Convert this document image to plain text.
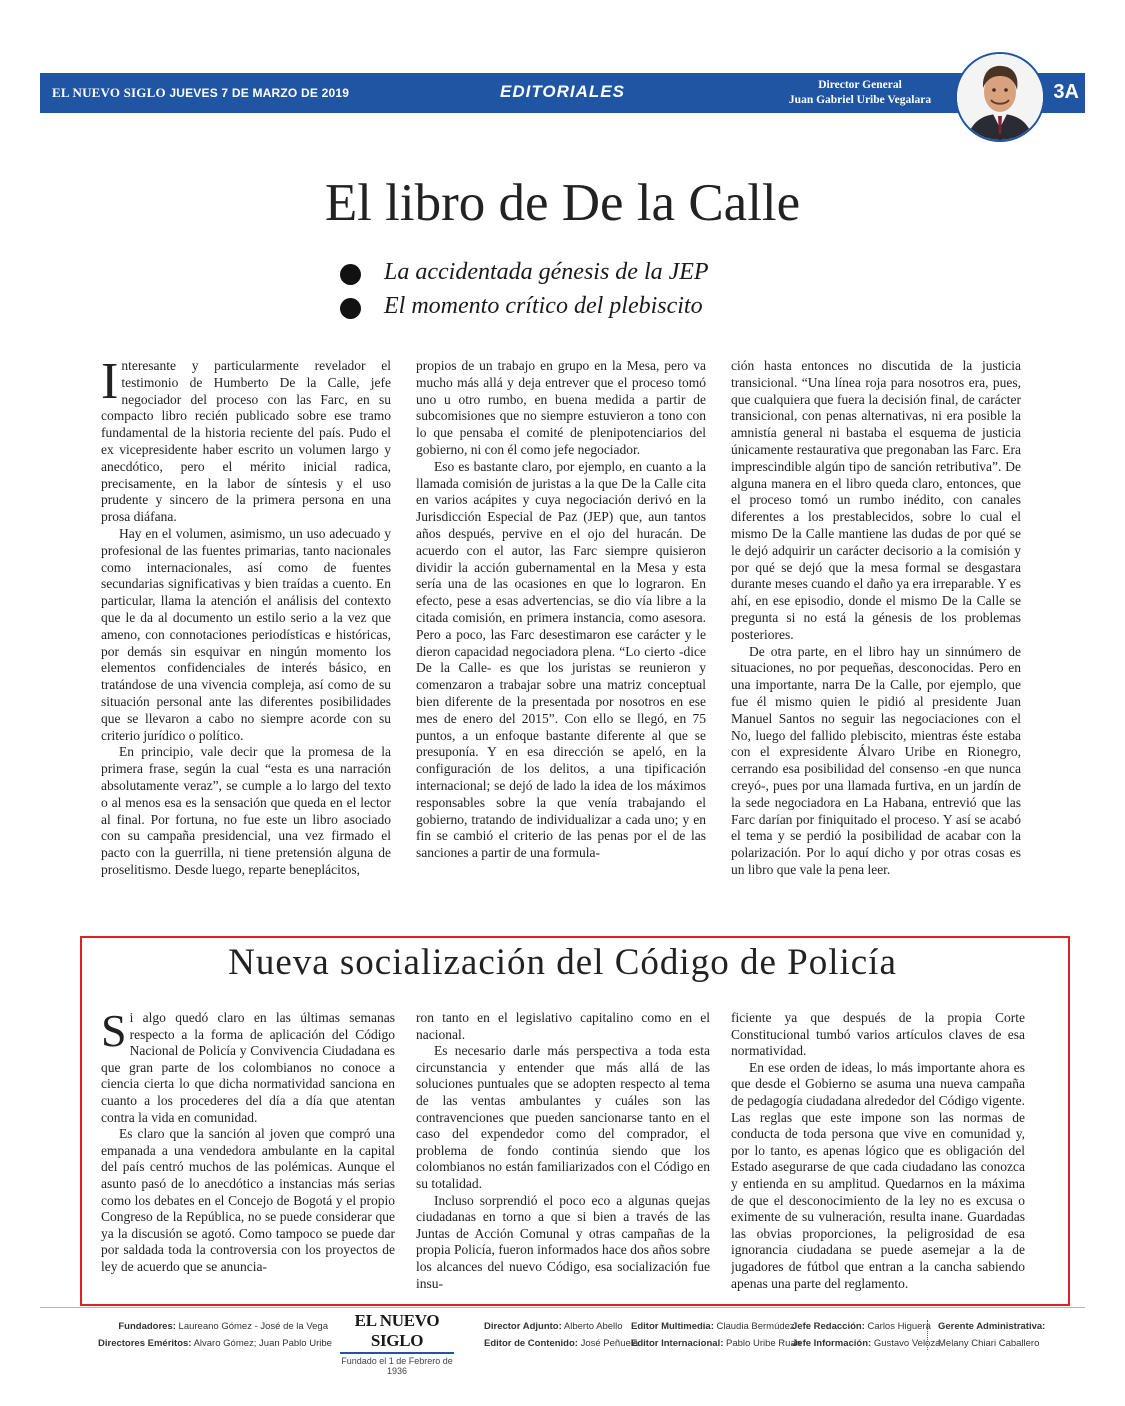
EL NUEVO SIGLO JUEVES 7 DE MARZO DE 2019	EDITORIALES	Director General
Juan Gabriel Uribe Vegalara	3A
El libro de De la Calle
La accidentada génesis de la JEP
El momento crítico del plebiscito

Interesante y particularmente revelador el testimonio de Humberto De la Calle, jefe negociador del proceso con las Farc, en su compacto libro recién publicado sobre ese tramo fundamental de la historia reciente del país. Pudo el ex vicepresidente haber escrito un volumen largo y anecdótico, pero el mérito inicial radica, precisamente, en la labor de síntesis y el uso prudente y sincero de la primera persona en una prosa diáfana.

Hay en el volumen, asimismo, un uso adecuado y profesional de las fuentes primarias, tanto nacionales como internacionales, así como de fuentes secundarias significativas y bien traídas a cuento. En particular, llama la atención el análisis del contexto que le da al documento un estilo serio a la vez que ameno, con connotaciones periodísticas e históricas, por demás sin esquivar en ningún momento los elementos confidenciales de interés básico, en tratándose de una vivencia compleja, así como de su situación personal ante las diferentes posibilidades que se llevaron a cabo no siempre acorde con su criterio jurídico o político.

En principio, vale decir que la promesa de la primera frase, según la cual “esta es una narración absolutamente veraz”, se cumple a lo largo del texto o al menos esa es la sensación que queda en el lector al final. Por fortuna, no fue este un libro asociado con su campaña presidencial, una vez firmado el pacto con la guerrilla, ni tiene pretensión alguna de proselitismo. Desde luego, reparte beneplácitos,

propios de un trabajo en grupo en la Mesa, pero va mucho más allá y deja entrever que el proceso tomó uno u otro rumbo, en buena medida a partir de subcomisiones que no siempre estuvieron a tono con lo que pensaba el comité de plenipotenciarios del gobierno, ni con él como jefe negociador.

Eso es bastante claro, por ejemplo, en cuanto a la llamada comisión de juristas a la que De la Calle cita en varios acápites y cuya negociación derivó en la Jurisdicción Especial de Paz (JEP) que, aun tantos años después, pervive en el ojo del huracán. De acuerdo con el autor, las Farc siempre quisieron dividir la acción gubernamental en la Mesa y esta sería una de las ocasiones en que lo lograron. En efecto, pese a esas advertencias, se dio vía libre a la citada comisión, en primera instancia, como asesora. Pero a poco, las Farc desestimaron ese carácter y le dieron capacidad negociadora plena. “Lo cierto -dice De la Calle- es que los juristas se reunieron y comenzaron a trabajar sobre una matriz conceptual bien diferente de la presentada por nosotros en ese mes de enero del 2015”. Con ello se llegó, en 75 puntos, a un enfoque bastante diferente al que se presuponía. Y en esa dirección se apeló, en la configuración de los delitos, a una tipificación internacional; se dejó de lado la idea de los máximos responsables sobre la que venía trabajando el gobierno, tratando de individualizar a cada uno; y en fin se cambió el criterio de las penas por el de las sanciones a partir de una formula-

ción hasta entonces no discutida de la justicia transicional. “Una línea roja para nosotros era, pues, que cualquiera que fuera la decisión final, de carácter transicional, con penas alternativas, ni era posible la amnistía general ni bastaba el esquema de justicia únicamente restaurativa que pregonaban las Farc. Era imprescindible algún tipo de sanción retributiva”. De alguna manera en el libro queda claro, entonces, que el proceso tomó un rumbo inédito, con canales diferentes a los prestablecidos, sobre lo cual el mismo De la Calle mantiene las dudas de por qué se le dejó adquirir un carácter decisorio a la comisión y por qué se dejó que la mesa formal se desgastara durante meses cuando el daño ya era irreparable. Y es ahí, en ese episodio, donde el mismo De la Calle se pregunta si no está la génesis de los problemas posteriores.

De otra parte, en el libro hay un sinnúmero de situaciones, no por pequeñas, desconocidas. Pero en una importante, narra De la Calle, por ejemplo, que fue él mismo quien le pidió al presidente Juan Manuel Santos no seguir las negociaciones con el No, luego del fallido plebiscito, mientras éste estaba con el expresidente Álvaro Uribe en Rionegro, cerrando esa posibilidad del consenso -en que nunca creyó-, pues por una llamada furtiva, en un jardín de la sede negociadora en La Habana, entrevió que las Farc darían por finiquitado el proceso. Y así se acabó el tema y se perdió la posibilidad de acabar con la polarización. Por lo aquí dicho y por otras cosas es un libro que vale la pena leer.

Nueva socialización del Código de Policía

Si algo quedó claro en las últimas semanas respecto a la forma de aplicación del Código Nacional de Policía y Convivencia Ciudadana es que gran parte de los colombianos no conoce a ciencia cierta lo que dicha normatividad sanciona en cuanto a los procederes del día a día que atentan contra la vida en comunidad.

Es claro que la sanción al joven que compró una empanada a una vendedora ambulante en la capital del país centró muchos de las polémicas. Aunque el asunto pasó de lo anecdótico a instancias más serias como los debates en el Concejo de Bogotá y el propio Congreso de la República, no se puede considerar que ya la discusión se agotó. Como tampoco se puede dar por saldada toda la controversia con los proyectos de ley de acuerdo que se anuncia-

ron tanto en el legislativo capitalino como en el nacional.

Es necesario darle más perspectiva a toda esta circunstancia y entender que más allá de las soluciones puntuales que se adopten respecto al tema de las ventas ambulantes y cuáles son las contravenciones que pueden sancionarse tanto en el caso del expendedor como del comprador, el problema de fondo continúa siendo que los colombianos no están familiarizados con el Código en su totalidad.

Incluso sorprendió el poco eco a algunas quejas ciudadanas en torno a que si bien a través de las Juntas de Acción Comunal y otras campañas de la propia Policía, fueron informados hace dos años sobre los alcances del nuevo Código, esa socialización fue insu-

ficiente ya que después de la propia Corte Constitucional tumbó varios artículos claves de esa normatividad.

En ese orden de ideas, lo más importante ahora es que desde el Gobierno se asuma una nueva campaña de pedagogía ciudadana alrededor del Código vigente. Las reglas que este impone son las normas de conducta de toda persona que vive en comunidad y, por lo tanto, es apenas lógico que es obligación del Estado asegurarse de que cada ciudadano las conozca y entienda en su amplitud. Quedarnos en la máxima de que el desconocimiento de la ley no es excusa o eximente de su vulneración, resulta inane. Guardadas las obvias proporciones, la peligrosidad de esa ignorancia ciudadana se puede asemejar a la de jugadores de fútbol que entran a la cancha sabiendo apenas una parte del reglamento.

Fundadores: Laureano Gómez - José de la Vega
Directores Eméritos: Alvaro Gómez; Juan Pablo Uribe
EL NUEVO SIGLO
Fundado el 1 de Febrero de 1936
Director Adjunto: Alberto Abello
Editor de Contenido: José Peñuela
Editor Multimedia: Claudia Bermúdez
Editor Internacional: Pablo Uribe Ruan
Jefe Redacción: Carlos Higuera
Jefe Información: Gustavo Veloza
Gerente Administrativa:
Melany Chiari Caballero
